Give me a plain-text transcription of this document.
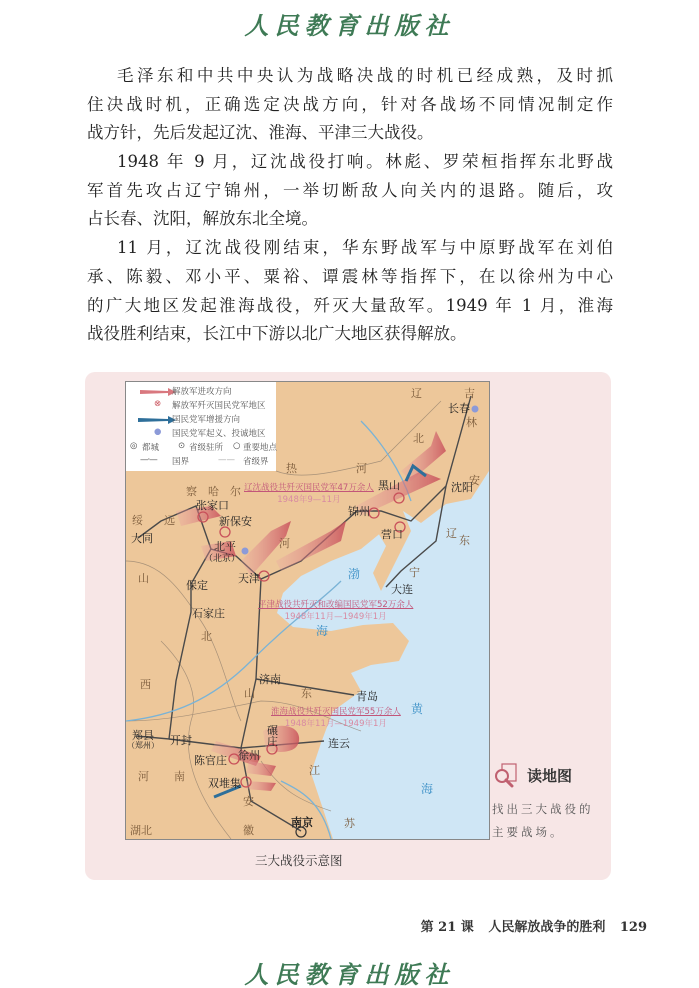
人民教育出版社
毛泽东和中共中央认为战略决战的时机已经成熟，及时抓
住决战时机，正确选定决战方向，针对各战场不同情况制定作
战方针，先后发起辽沈、淮海、平津三大战役。
1948 年 9 月，辽沈战役打响。林彪、罗荣桓指挥东北野战
军首先攻占辽宁锦州，一举切断敌人向关内的退路。随后，攻
占长春、沈阳，解放东北全境。
11 月，辽沈战役刚结束，华东野战军与中原野战军在刘伯
承、陈毅、邓小平、粟裕、谭震林等指挥下，在以徐州为中心
的广大地区发起淮海战役，歼灭大量敌军。1949 年 1 月，淮海
战役胜利结束，长江中下游以北广大地区获得解放。
解放军进攻方向
⊗ 解放军歼灭国民党军地区
国民党军增援方向
● 国民党军起义、投诚地区
◎ 都城 ⊙ 省级驻所 ○ 重要地点
—·— 国界	—— 省级界
长春
沈阳
黑山
锦州
营口
张家口
新保安
北平
（北京）
大同
天津
保定	大连
石家庄
济南
青岛
郑县
（郑州） 开封
徐州
碾庄	连云
陈官庄
双堆集
南京
热	河
察 哈 尔
绥 远
山
辽	吉
林
北
安
辽
东
宁
河
北
西
山	东
河 南
安
江
苏
徽
湖北
渤
海
黄
海
辽沈战役共歼灭国民党军47万余人
1948年9—11月
平津战役共歼灭和改编国民党军52万余人
1948年11月—1949年1月
淮海战役共歼灭国民党军55万余人
1948年11月—1949年1月
三大战役示意图
读地图
找出三大战役的主要战场。
第 21 课 人民解放战争的胜利 129
人民教育出版社
